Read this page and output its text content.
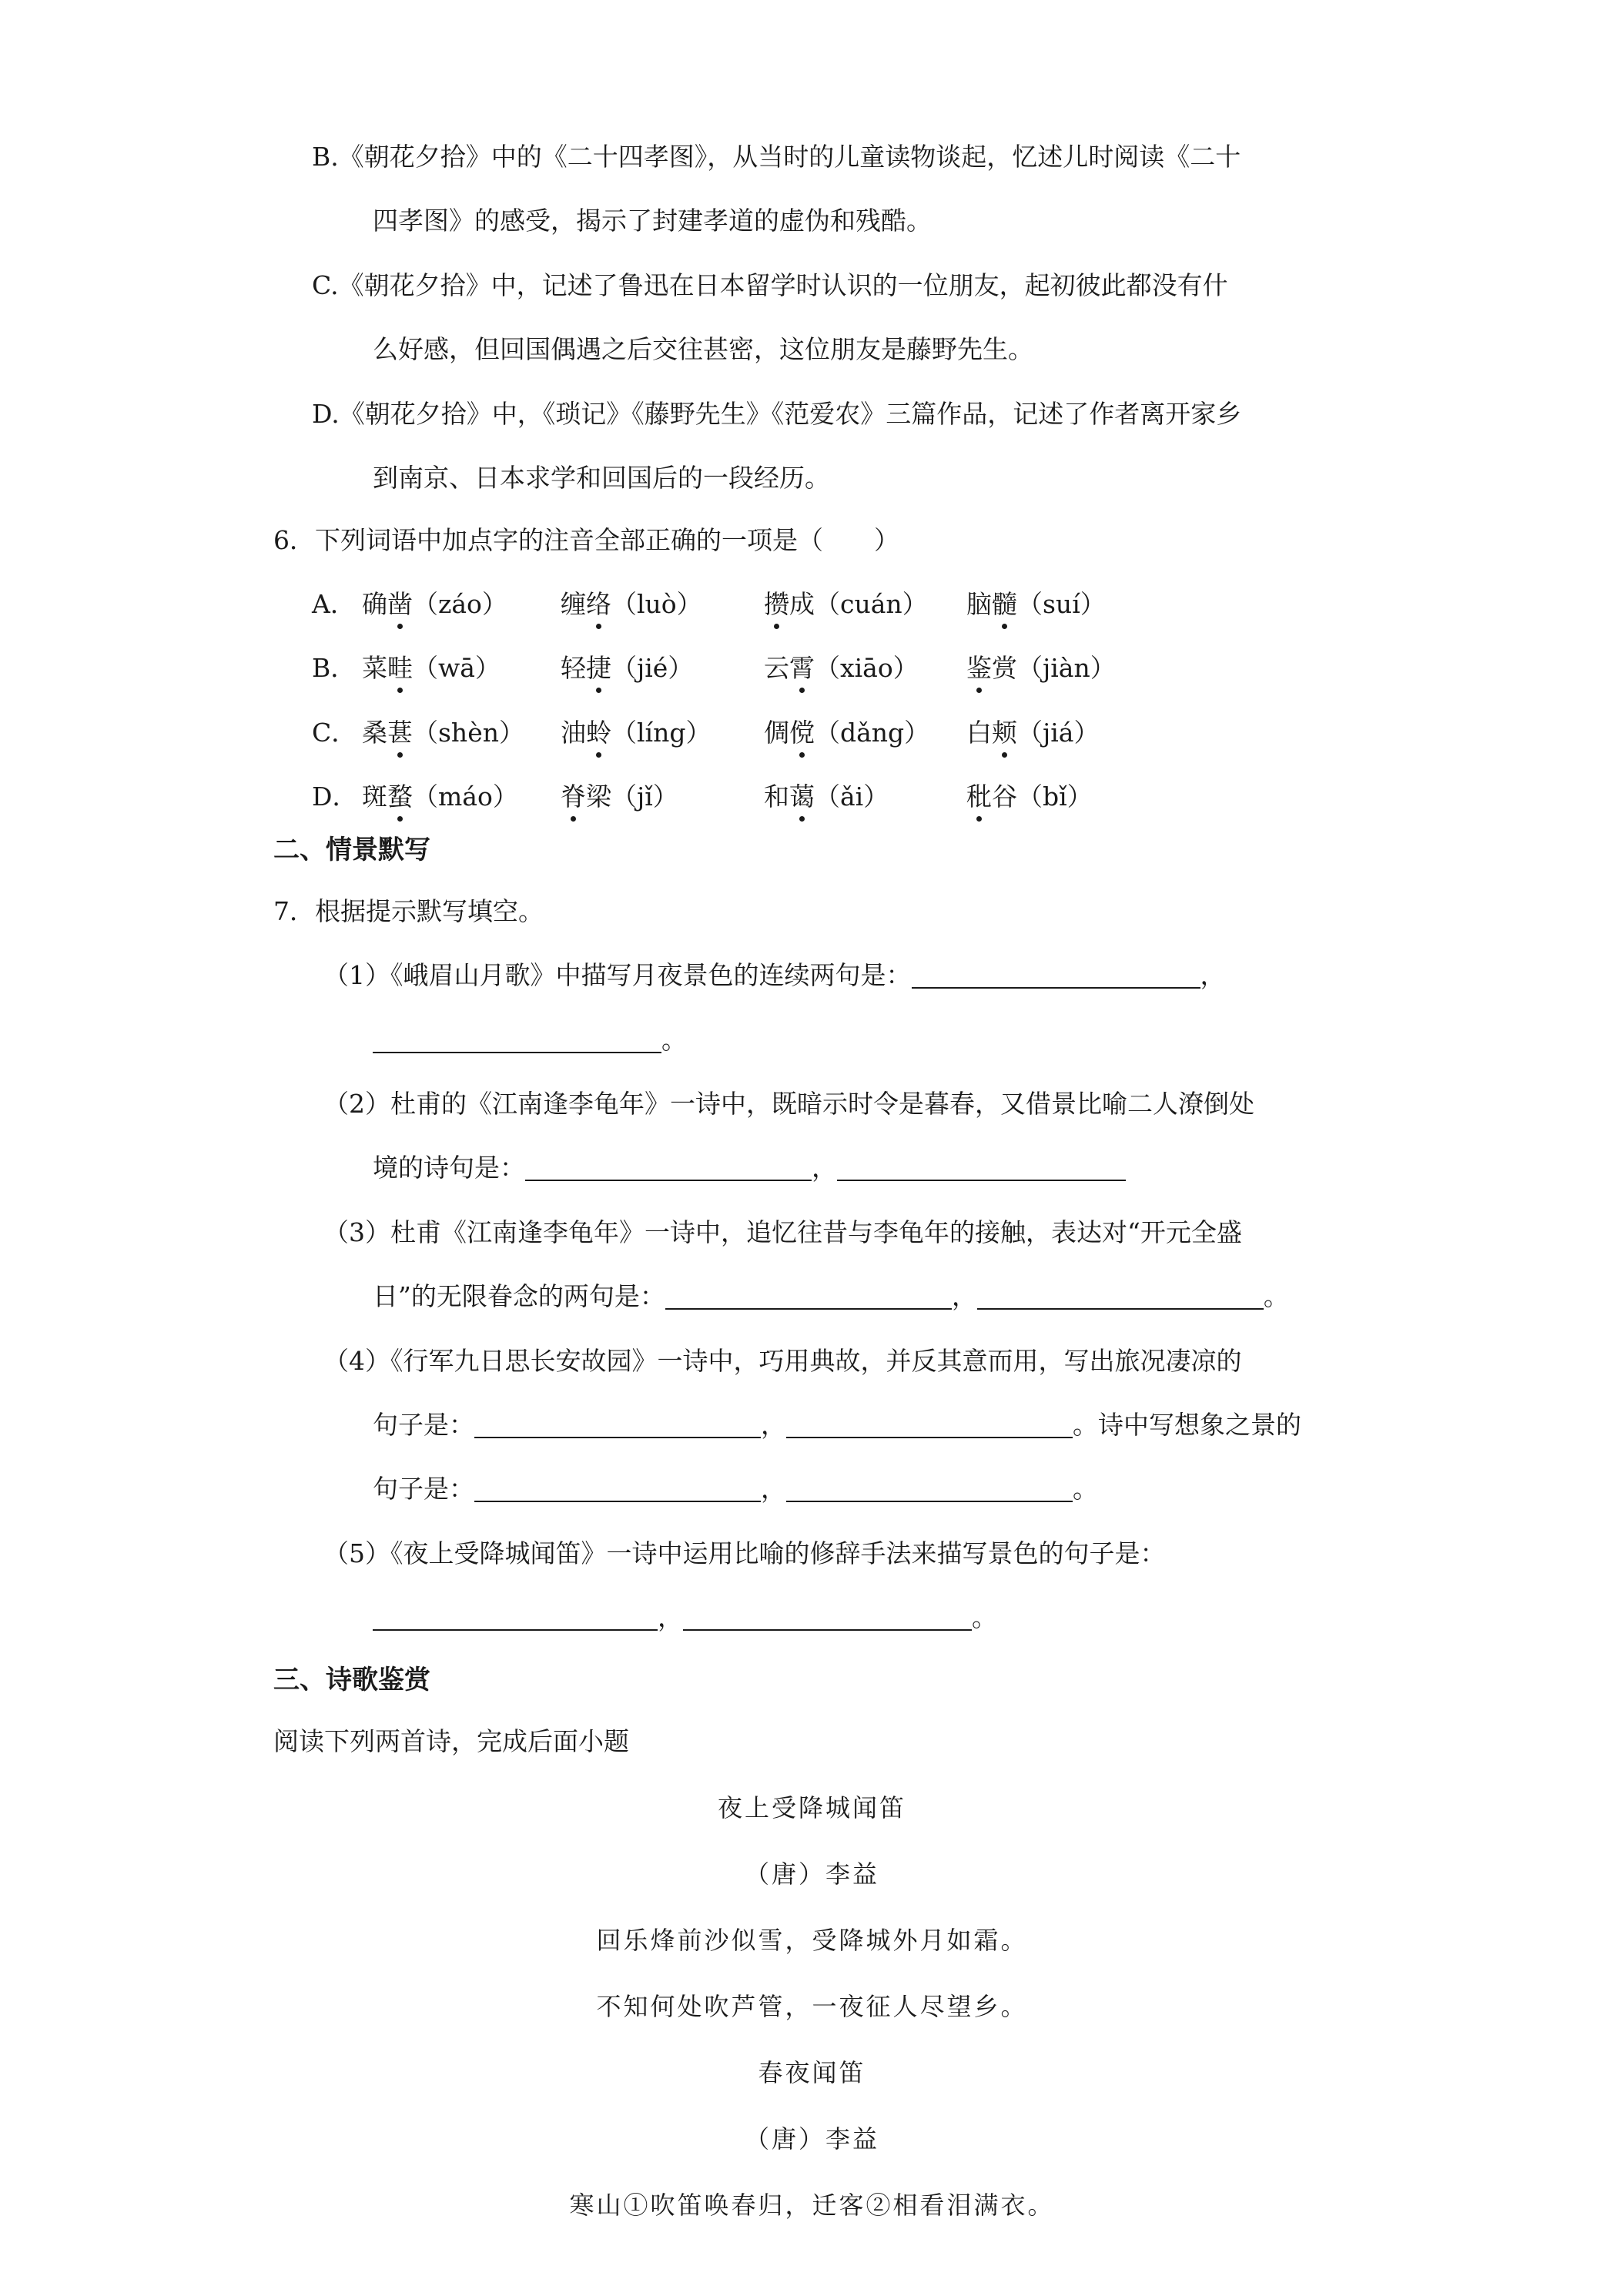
B.《朝花夕拾》中的《二十四孝图》，从当时的儿童读物谈起，忆述儿时阅读《二十
四孝图》的感受，揭示了封建孝道的虚伪和残酷。
C.《朝花夕拾》中，记述了鲁迅在日本留学时认识的一位朋友，起初彼此都没有什
么好感，但回国偶遇之后交往甚密，这位朋友是藤野先生。
D.《朝花夕拾》中，《琐记》《藤野先生》《范爱农》三篇作品，记述了作者离开家乡
到南京、日本求学和回国后的一段经历。
6．下列词语中加点字的注音全部正确的一项是（　　）
A． 确凿（záo） 缠络（luò） 攒成（cuán） 脑髓（suí）
B． 菜畦（wā） 轻捷（jié）	云霄（xiāo） 鉴赏（jiàn）
C． 桑葚（shèn） 油蛉（líng） 倜傥（dǎng） 白颊（jiá）
D． 斑蝥（máo） 脊梁（jǐ）	和蔼（ǎi）	秕谷（bǐ）
二、情景默写
7．根据提示默写填空。
（1）《峨眉山月歌》中描写月夜景色的连续两句是：	，
。
（2）杜甫的《江南逢李龟年》一诗中，既暗示时令是暮春，又借景比喻二人潦倒处
境的诗句是：	，
（3）杜甫《江南逢李龟年》一诗中，追忆往昔与李龟年的接触，表达对“开元全盛
日”的无限眷念的两句是：	，	。
（4）《行军九日思长安故园》一诗中，巧用典故，并反其意而用，写出旅况凄凉的
句子是：	，	。诗中写想象之景的
句子是：	，	。
（5）《夜上受降城闻笛》一诗中运用比喻的修辞手法来描写景色的句子是：
，	。
三、诗歌鉴赏
阅读下列两首诗，完成后面小题
夜上受降城闻笛
（唐）李益
回乐烽前沙似雪，受降城外月如霜。
不知何处吹芦管，一夜征人尽望乡。
春夜闻笛
（唐）李益
寒山①吹笛唤春归，迁客②相看泪满衣。
